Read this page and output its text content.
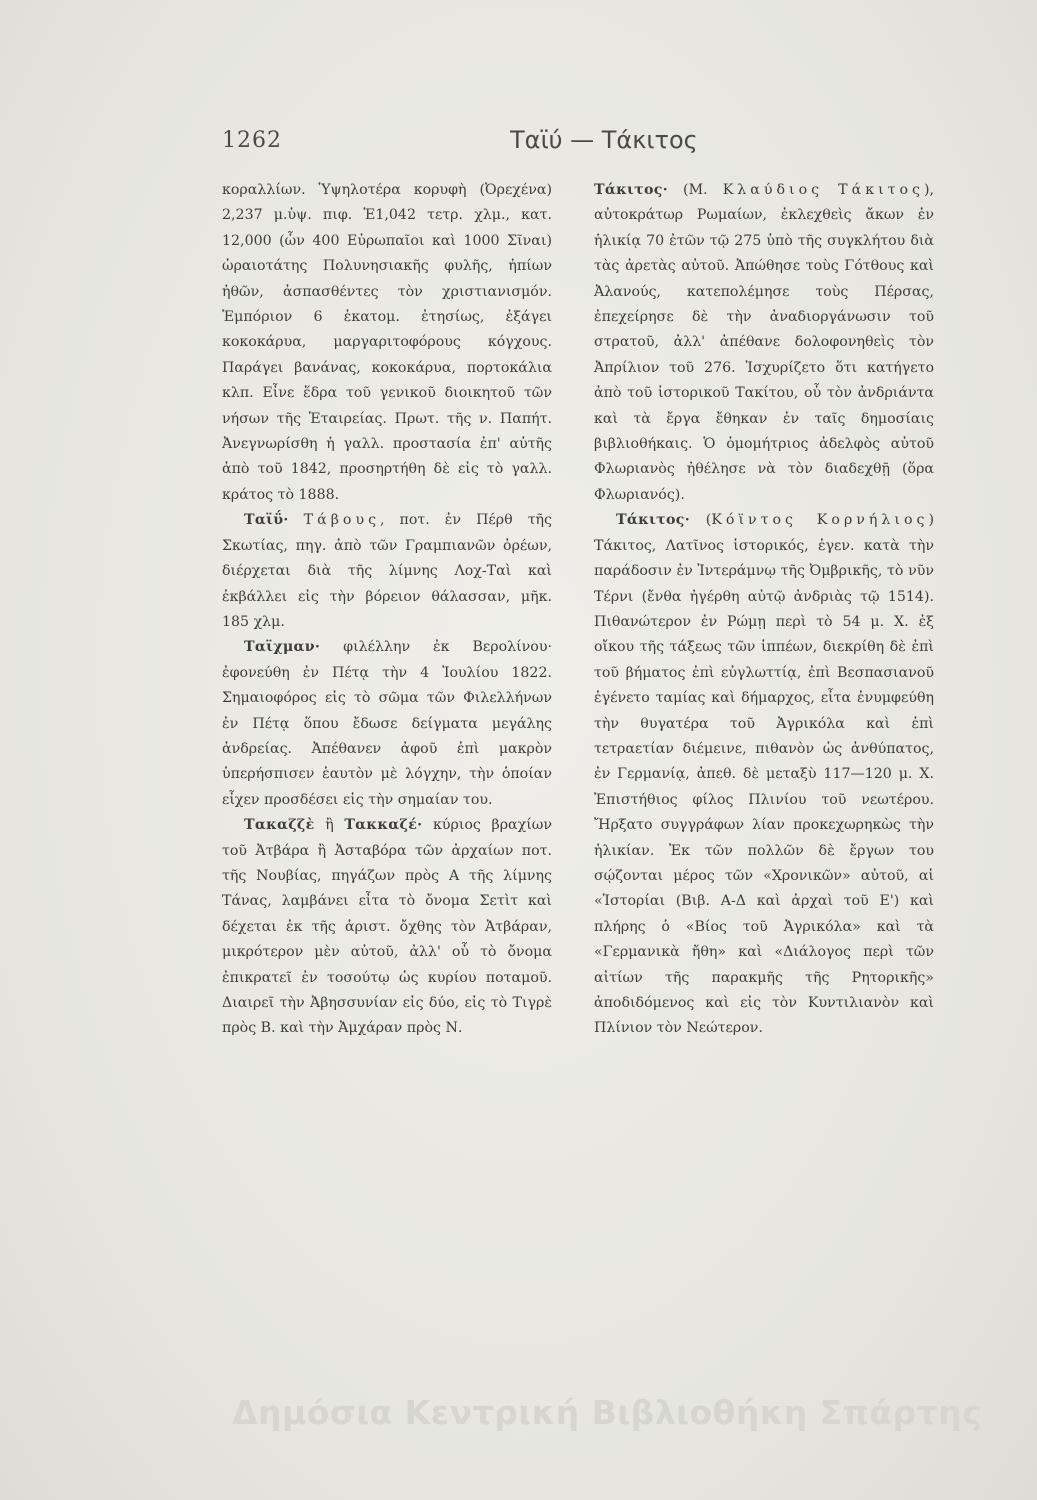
1262	Ταϊύ — Τάκιτος

κοραλλίων. Ὑψηλοτέρα κορυφὴ (Ὀρεχένα) 2,237 μ.ὑψ. πιφ. Ἑ1,042 τετρ. χλμ., κατ. 12,000 (ὧν 400 Εὐρωπαῖοι καὶ 1000 Σῖναι) ὡραιοτάτης Πολυνησιακῆς φυλῆς, ἠπίων ἠθῶν, ἀσπασθέντες τὸν χριστιανισμόν. Ἐμπόριον 6 ἑκατομ. ἐτησίως, ἐξάγει κοκοκάρυα, μαργαριτοφόρους κόγχους. Παράγει βανάνας, κοκοκάρυα, πορτοκάλια κλπ. Εἶνε ἕδρα τοῦ γενικοῦ διοικητοῦ τῶν νήσων τῆς Ἑταιρείας. Πρωτ. τῆς ν. Παπήτ. Ἀνεγνωρίσθη ἡ γαλλ. προστασία ἐπ' αὐτῆς ἀπὸ τοῦ 1842, προσηρτήθη δὲ εἰς τὸ γαλλ. κράτος τὸ 1888.

Ταϊΰ· Τάβους, ποτ. ἐν Πέρθ τῆς Σκωτίας, πηγ. ἀπὸ τῶν Γραμπιανῶν ὀρέων, διέρχεται διὰ τῆς λίμνης Λοχ-Ταὶ καὶ ἐκβάλλει εἰς τὴν βόρειον θάλασσαν, μῆκ. 185 χλμ.

Ταϊχμαν· φιλέλλην ἐκ Βερολίνου· ἐφονεύθη ἐν Πέτᾳ τὴν 4 Ἰουλίου 1822. Σημαιοφόρος εἰς τὸ σῶμα τῶν Φιλελλήνων ἐν Πέτᾳ ὅπου ἔδωσε δείγματα μεγάλης ἀνδρείας. Ἀπέθανεν ἀφοῦ ἐπὶ μακρὸν ὑπερήσπισεν ἑαυτὸν μὲ λόγχην, τὴν ὁποίαν εἶχεν προσδέσει εἰς τὴν σημαίαν του.

Τακαζζὲ ἢ Τακκαζέ· κύριος βραχίων τοῦ Ἀτβάρα ἢ Ἀσταβόρα τῶν ἀρχαίων ποτ. τῆς Νουβίας, πηγάζων πρὸς Α τῆς λίμνης Τάνας, λαμβάνει εἶτα τὸ ὄνομα Σετὶτ καὶ δέχεται ἐκ τῆς ἀριστ. ὄχθης τὸν Ἀτβάραν, μικρότερον μὲν αὐτοῦ, ἀλλ' οὗ τὸ ὄνομα ἐπικρατεῖ ἐν τοσούτῳ ὡς κυρίου ποταμοῦ. Διαιρεῖ τὴν Ἀβησσυνίαν εἰς δύο, εἰς τὸ Τιγρὲ πρὸς Β. καὶ τὴν Ἀμχάραν πρὸς Ν.

Τάκιτος· (Μ. Κλαύδιος Τάκιτος), αὐτοκράτωρ Ρωμαίων, ἐκλεχθεὶς ἄκων ἐν ἡλικίᾳ 70 ἐτῶν τῷ 275 ὑπὸ τῆς συγκλήτου διὰ τὰς ἀρετὰς αὐτοῦ. Ἀπώθησε τοὺς Γότθους καὶ Ἀλανούς, κατεπολέμησε τοὺς Πέρσας, ἐπεχείρησε δὲ τὴν ἀναδιοργάνωσιν τοῦ στρατοῦ, ἀλλ' ἀπέθανε δολοφονηθεὶς τὸν Ἀπρίλιον τοῦ 276. Ἰσχυρίζετο ὅτι κατήγετο ἀπὸ τοῦ ἱστορικοῦ Τακίτου, οὗ τὸν ἀνδριάντα καὶ τὰ ἔργα ἔθηκαν ἐν ταῖς δημοσίαις βιβλιοθήκαις. Ὁ ὁμομήτριος ἀδελφὸς αὐτοῦ Φλωριανὸς ἠθέλησε νὰ τὸν διαδεχθῇ (ὅρα Φλωριανός).

Τάκιτος· (Κόϊντος Κορνήλιος) Τάκιτος, Λατῖνος ἱστορικός, ἐγεν. κατὰ τὴν παράδοσιν ἐν Ἰντεράμνῳ τῆς Ὀμβρικῆς, τὸ νῦν Τέρνι (ἔνθα ἠγέρθη αὐτῷ ἀνδριὰς τῷ 1514). Πιθανώτερον ἐν Ρώμῃ περὶ τὸ 54 μ. Χ. ἐξ οἴκου τῆς τάξεως τῶν ἱππέων, διεκρίθη δὲ ἐπὶ τοῦ βήματος ἐπὶ εὐγλωττίᾳ, ἐπὶ Βεσπασιανοῦ ἐγένετο ταμίας καὶ δήμαρχος, εἶτα ἐνυμφεύθη τὴν θυγατέρα τοῦ Ἀγρικόλα καὶ ἐπὶ τετραετίαν διέμεινε, πιθανὸν ὡς ἀνθύπατος, ἐν Γερμανίᾳ, ἀπεθ. δὲ μεταξὺ 117—120 μ. Χ. Ἐπιστήθιος φίλος Πλινίου τοῦ νεωτέρου. Ἤρξατο συγγράφων λίαν προκεχωρηκὼς τὴν ἡλικίαν. Ἐκ τῶν πολλῶν δὲ ἔργων του σῴζονται μέρος τῶν «Χρονικῶν» αὐτοῦ, αἱ «Ἱστορίαι (Βιβ. Α-Δ καὶ ἀρχαὶ τοῦ Ε') καὶ πλήρης ὁ «Βίος τοῦ Ἀγρικόλα» καὶ τὰ «Γερμανικὰ ἤθη» καὶ «Διάλογος περὶ τῶν αἰτίων τῆς παρακμῆς τῆς Ρητορικῆς» ἀποδιδόμενος καὶ εἰς τὸν Κυντιλιανὸν καὶ Πλίνιον τὸν Νεώτερον.

Δημόσια Κεντρική Βιβλιοθήκη Σπάρτης
